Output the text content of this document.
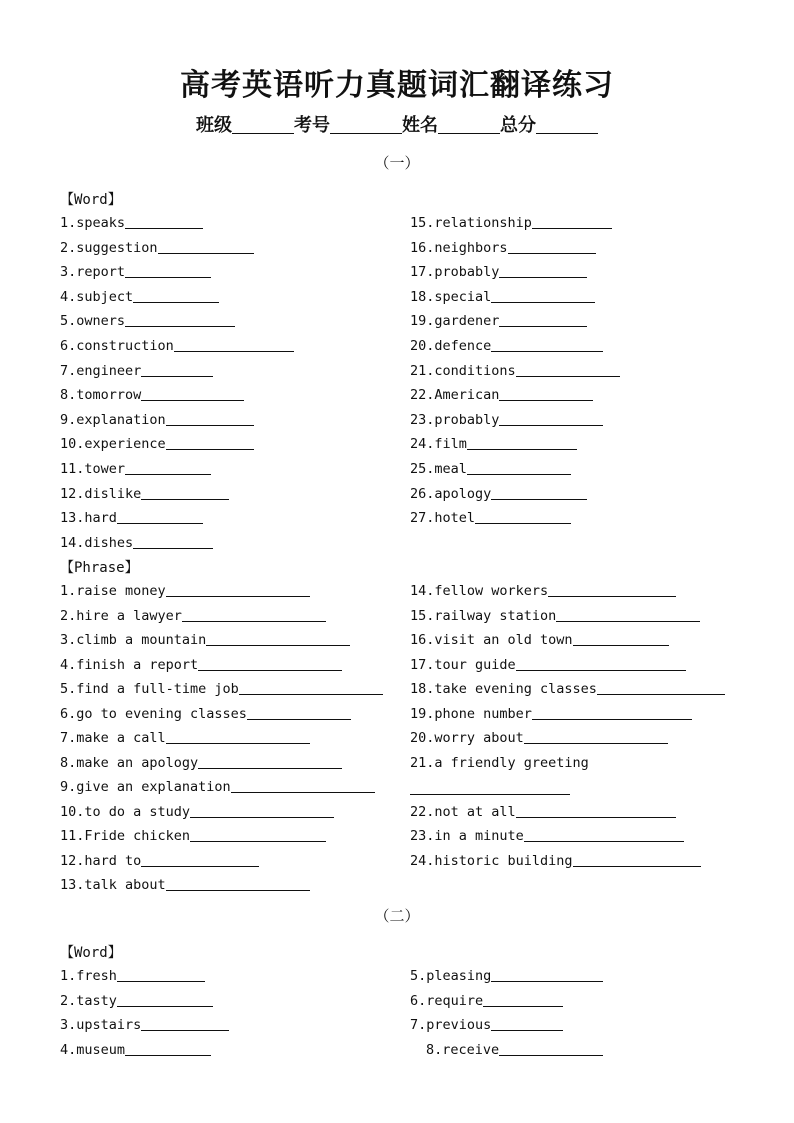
高考英语听力真题词汇翻译练习
班级	考号	姓名	总分
（一）
【Word】
1.speaks
2.suggestion
3.report
4.subject
5.owners
6.construction
7.engineer
8.tomorrow
9.explanation
10.experience
11.tower
12.dislike
13.hard
14.dishes
15.relationship
16.neighbors
17.probably
18.special
19.gardener
20.defence
21.conditions
22.American
23.probably
24.film
25.meal
26.apology
27.hotel
【Phrase】
1.raise money
2.hire a lawyer
3.climb a mountain
4.finish a report
5.find a full-time job
6.go to evening classes
7.make a call
8.make an apology
9.give an explanation
10.to do a study
11.Fride chicken
12.hard to
13.talk about
14.fellow workers
15.railway station
16.visit an old town
17.tour guide
18.take evening classes
19.phone number
20.worry about
21.a friendly greeting
22.not at all
23.in a minute
24.historic building
（二）
【Word】
1.fresh
2.tasty
3.upstairs
4.museum
5.pleasing
6.require
7.previous
8.receive
